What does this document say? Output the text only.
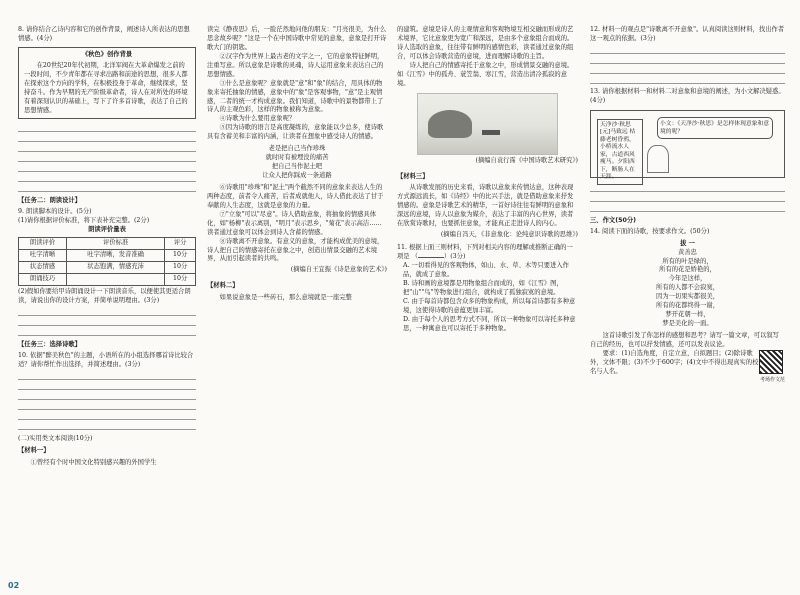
8. 请你结合乙诗内容和它的创作背景，阐述诗人所表达的思想情感。(4分)

《秋色》创作背景

在20世纪20年代初期，北洋军阀在大革命爆发之前的一段时间，不少青年都在寻求出路和前途的思想，很多人都在探索这个方向的学科，在积极投身于革命，继续探求，坚持奋斗。作为早期的无产阶级革命者，诗人在对所处的环境有着深刻认识的基础上，写下了许多首诗歌，表达了自己的思想情感。

【任务二：朗读设计】

9. 朗读脚本的设计。(5分)

(1)请你根据评价标准，将下表补充完整。(2分)

朗读评价量表
朗读评价	评价标准	评分
吐字清晰	吐字清晰，发音准确	10分
状态情感	状态饱满，情感充沛	10分
朗诵技巧		10分

(2)假如你要给甲诗朗诵设计一下朗读音乐，以便使其更适合朗读，请说出你的设计方案，并简单说明理由。(3分)

【任务三：选择诗歌】

10. 依据"醉美秋色"的主题，小语所在的小组选择哪首诗比较合适？请你帮忙作出选择，并简述理由。(3分)

(二)实用类文本阅读(10分)

【材料一】

①曾经有个时中国文化特别感兴趣的外国学生

读完《静夜思》后，一脸茫然地问他的朋友："月亮很美，为什么思念故乡呢？"这是一个在中国诗歌中常见的意象，意象是打开诗歌大门的钥匙。

②汉字作为世界上最古老的文字之一，它的意象特征鲜明，注重写意。所以意象是诗歌的灵魂，诗人运用意象来表达自己的思想情感。

③什么是意象呢？意象就是"意"和"象"的结合，用具体的物象来寄托抽象的情感，意象中的"象"是客观事物，"意"是主观情感，二者的统一才构成意象。我们知道，诗歌中的景物都带上了诗人的主观色彩，这样的物象被称为意象。

④诗歌为什么要用意象呢？

⑤因为诗歌的语言是高度凝练的，意象能以少总多，使诗歌具有含蓄美和丰富的内涵，让读者在想象中感受诗人的情感。

老是把自己当作珍珠

就时时有被埋没的痛苦

把自己当作泥土吧

让众人把你踩成一条道路

⑥诗歌用"珍珠"和"泥土"两个截然不同的意象来表达人生的两种态度，前者令人痛苦，后者成就他人，诗人借此表达了甘于奉献的人生态度，这就是意象的力量。

⑦"立象"可以"尽意"。诗人借助意象，将抽象的情感具体化，如"杨柳"表示离别，"明月"表示思乡，"菊花"表示高洁……读者通过意象可以体会到诗人含蓄的情感。

⑧诗歌离不开意象。有意义的意象，才能构成优美的意境，诗人把自己的情感寄托在意象之中，创造出情景交融的艺术境界，从而引起读者的共鸣。

(摘编自王宜振《诗是意象的艺术》)

【材料二】

如果说意象是一些砖石，那么意境就是一座完整

的建筑。意境是诗人的主观情意和客观物境互相交融而形成的艺术境界，它比意象更为宽广和深远，是由多个意象组合而成的。诗人选取的意象，往往带有鲜明的感情色彩，读者通过意象的组合，可以体会诗歌营造的意境，进而理解诗歌的主旨。

诗人把自己的情感寄托于意象之中，形成情景交融的意境。如《江雪》中的孤舟、蓑笠翁、寒江雪，营造出清冷孤寂的意境。

(摘编自袁行霈《中国诗歌艺术研究》)

【材料三】

从诗歌发展的历史来看，诗歌以意象来传情达意，这种表现方式源远流长，如《诗经》中的比兴手法，就是借助意象来抒发情感的。意象是诗歌艺术的精华，一首好诗往往有鲜明的意象和深远的意境，诗人以意象为媒介，表达了丰富的内心世界，读者在欣赏诗歌时，也要抓住意象，才能真正走进诗人的内心。

(摘编自冯天，《非意象化：论纯意识诗歌的思维》)

11. 根据上面三则材料，下列对相关内容的理解或推断正确的一项是 （	）(3分)

A. 一切看得见的客观物体，如山、水、草、木等只要进入作品，就成了意象。

B. 诗和画的意境都是用物象组合而成的，如《江雪》图，把"山""鸟"等物象进行组合，就构成了孤独寂寞的意境。

C. 由于每首诗都包含众多的物象构成，所以每首诗都有多种意境，这使得诗歌的意蕴更加丰富。

D. 由于每个人的思考方式不同，所以一种物象可以寄托多种意思，一种寓意也可以寄托于多种物象。

12. 材料一的观点是"诗歌离不开意象"。认真阅读这则材料，找出作者这一观点的依据。(3分)

13. 请你根据材料一和材料二对意象和意境的阐述，为小文解决疑惑。(4分)

天净沙·秋思 [元]马致远 枯藤老树昏鸦，小桥流水人家，古道西风瘦马。夕阳西下，断肠人在天涯。
小文：《天净沙·秋思》是怎样体现意象和意境的呢？

三、作文(50分)

14. 阅读下面的诗歌，按要求作文。(50分)

拔 一

黄善忠

所有的叶是绿的，

所有的花是娇艳的，

今年是这样，

所有的人都不会寂寞，

因为一切果实都很美，

所有的花都终得一谢，

梦开花朝一样，

梦是美化的一面。

这首诗歌引发了你怎样的感想和思考？请写一篇文章，可以叙写自己的经历，也可以抒发情感，还可以发表议论。

要求：(1)自选角度，自定立意，自拟题目；(2)除诗歌外，文体不限；(3)不少于600字；(4)文中不得出现真实的校名与人名。

考场作文范

02
